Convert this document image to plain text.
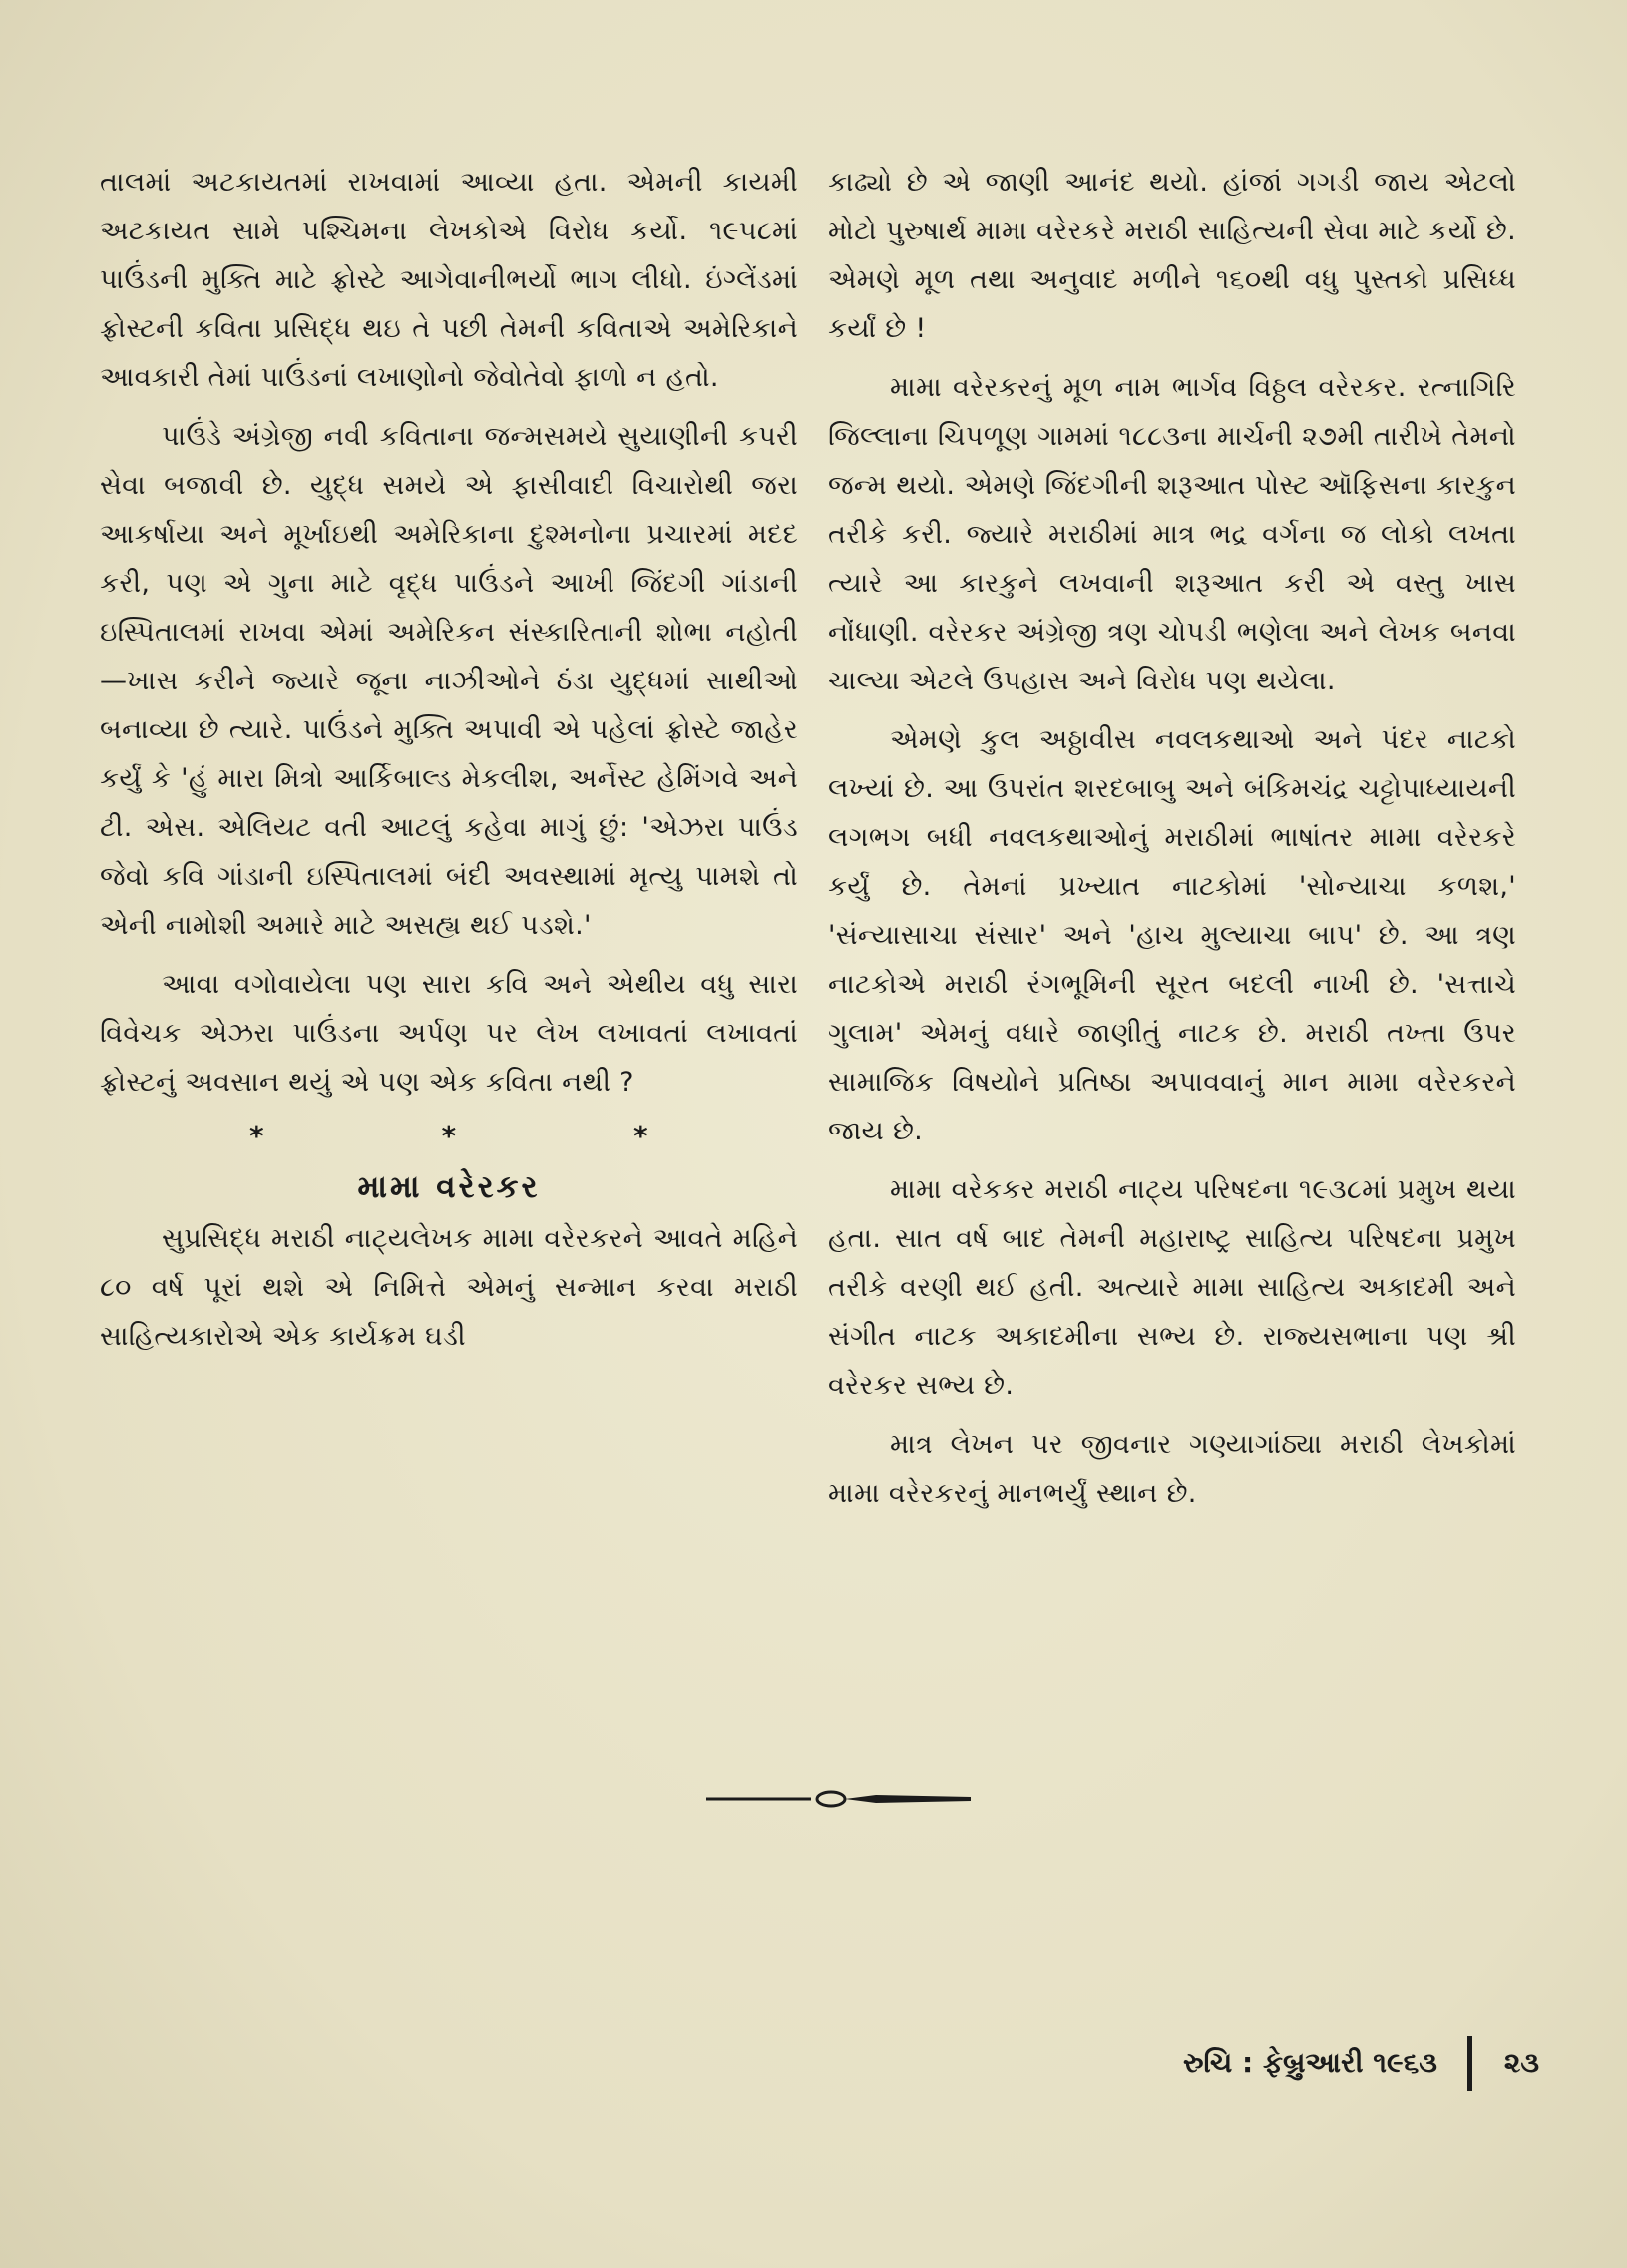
તાલમાં અટકાયતમાં રાખવામાં આવ્યા હતા. એમની કાયમી અટકાયત સામે પશ્ચિમના લેખકોએ વિરોધ કર્યો. ૧૯૫૮માં પાઉંડની મુક્તિ માટે ફ્રોસ્ટે આગેવાનીભર્યો ભાગ લીધો. ઇંગ્લેંડમાં ફ્રોસ્ટની કવિતા પ્રસિદ્ધ થઇ તે પછી તેમની કવિતાએ અમેરિકાને આવકારી તેમાં પાઉંડનાં લખાણોનો જેવોતેવો ફાળો ન હતો.

પાઉંડે અંગ્રેજી નવી કવિતાના જન્મસમયે સુયાણીની કપરી સેવા બજાવી છે. યુદ્ધ સમયે એ ફાસીવાદી વિચારોથી જરા આકર્ષાયા અને મૂર્ખાઇથી અમેરિકાના દુશ્મનોના પ્રચારમાં મદદ કરી, પણ એ ગુના માટે વૃદ્ધ પાઉંડને આખી જિંદગી ગાંડાની ઇસ્પિતાલમાં રાખવા એમાં અમેરિકન સંસ્કારિતાની શોભા નહોતી—ખાસ કરીને જ્યારે જૂના નાઝીઓને ઠંડા યુદ્ધમાં સાથીઓ બનાવ્યા છે ત્યારે. પાઉંડને મુક્તિ અપાવી એ પહેલાં ફ્રોસ્ટે જાહેર કર્યું કે 'હું મારા મિત્રો આર્કિબાલ્ડ મેકલીશ, અર્નેસ્ટ હેમિંગવે અને ટી. એસ. એલિયટ વતી આટલું કહેવા માગું છું: 'એઝરા પાઉંડ જેવો કવિ ગાંડાની ઇસ્પિતાલમાં બંદી અવસ્થામાં મૃત્યુ પામશે તો એની નામોશી અમારે માટે અસહ્ય થઈ પડશે.'

આવા વગોવાયેલા પણ સારા કવિ અને એથીય વધુ સારા વિવેચક એઝરા પાઉંડના અર્પણ પર લેખ લખાવતાં લખાવતાં ફ્રોસ્ટનું અવસાન થયું એ પણ એક કવિતા નથી ?

*	*	*
મામા વરેરકર

સુપ્રસિદ્ધ મરાઠી નાટ્યલેખક મામા વરેરકરને આવતે મહિને ૮૦ વર્ષ પૂરાં થશે એ નિમિત્તે એમનું સન્માન કરવા મરાઠી સાહિત્યકારોએ એક કાર્યક્રમ ઘડી

કાઢ્યો છે એ જાણી આનંદ થયો. હાંજાં ગગડી જાય એટલો મોટો પુરુષાર્થ મામા વરેરકરે મરાઠી સાહિત્યની સેવા માટે કર્યો છે. એમણે મૂળ તથા અનુવાદ મળીને ૧૬૦થી વધુ પુસ્તકો પ્રસિધ્ધ કર્યાં છે !

મામા વરેરકરનું મૂળ નામ ભાર્ગવ વિઠ્ઠલ વરેરકર. રત્નાગિરિ જિલ્લાના ચિપળૂણ ગામમાં ૧૮૮૩ના માર્ચની ૨૭મી તારીખે તેમનો જન્મ થયો. એમણે જિંદગીની શરૂઆત પોસ્ટ ઑફિસના કારકુન તરીકે કરી. જ્યારે મરાઠીમાં માત્ર ભદ્ર વર્ગના જ લોકો લખતા ત્યારે આ કારકુને લખવાની શરૂઆત કરી એ વસ્તુ ખાસ નોંધાણી. વરેરકર અંગ્રેજી ત્રણ ચોપડી ભણેલા અને લેખક બનવા ચાલ્યા એટલે ઉપહાસ અને વિરોધ પણ થયેલા.

એમણે કુલ અઠ્ઠાવીસ નવલકથાઓ અને પંદર નાટકો લખ્યાં છે. આ ઉપરાંત શરદબાબુ અને બંકિમચંદ્ર ચટ્ટોપાધ્યાયની લગભગ બધી નવલકથાઓનું મરાઠીમાં ભાષાંતર મામા વરેરકરે કર્યું છે. તેમનાં પ્રખ્યાત નાટકોમાં 'સોન્યાચા કળશ,' 'સંન્યાસાચા સંસાર' અને 'હાચ મુલ્યાચા બાપ' છે. આ ત્રણ નાટકોએ મરાઠી રંગભૂમિની સૂરત બદલી નાખી છે. 'સત્તાચે ગુલામ' એમનું વધારે જાણીતું નાટક છે. મરાઠી તખ્તા ઉપર સામાજિક વિષયોને પ્રતિષ્ઠા અપાવવાનું માન મામા વરેરકરને જાય છે.

મામા વરેકકર મરાઠી નાટ્ય પરિષદના ૧૯૩૮માં પ્રમુખ થયા હતા. સાત વર્ષ બાદ તેમની મહારાષ્ટ્ર સાહિત્ય પરિષદના પ્રમુખ તરીકે વરણી થઈ હતી. અત્યારે મામા સાહિત્ય અકાદમી અને સંગીત નાટક અકાદમીના સભ્ય છે. રાજ્યસભાના પણ શ્રી વરેરકર સભ્ય છે.

માત્ર લેખન પર જીવનાર ગણ્યાગાંઠ્યા મરાઠી લેખકોમાં મામા વરેરકરનું માનભર્યું સ્થાન છે.

રુચિ : ફેબ્રુઆરી ૧૯૬૩ ૨૩
